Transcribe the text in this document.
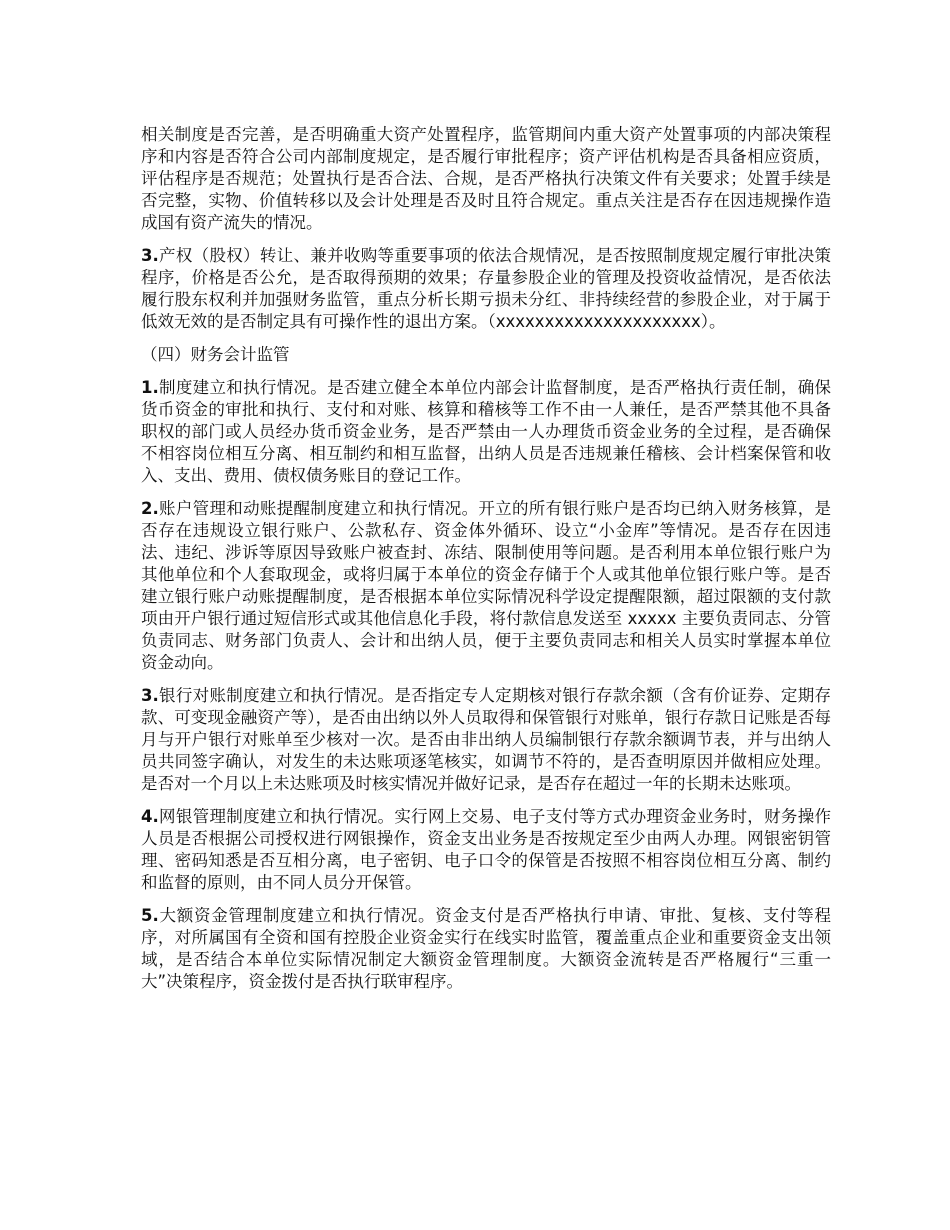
相关制度是否完善，是否明确重大资产处置程序，监管期间内重大资产处置事项的内部决策程序和内容是否符合公司内部制度规定，是否履行审批程序；资产评估机构是否具备相应资质，评估程序是否规范；处置执行是否合法、合规，是否严格执行决策文件有关要求；处置手续是否完整，实物、价值转移以及会计处理是否及时且符合规定。重点关注是否存在因违规操作造成国有资产流失的情况。

3.产权（股权）转让、兼并收购等重要事项的依法合规情况，是否按照制度规定履行审批决策程序，价格是否公允，是否取得预期的效果；存量参股企业的管理及投资收益情况，是否依法履行股东权利并加强财务监管，重点分析长期亏损未分红、非持续经营的参股企业，对于属于低效无效的是否制定具有可操作性的退出方案。（xxxxxxxxxxxxxxxxxxxxx）。

（四）财务会计监管

1.制度建立和执行情况。是否建立健全本单位内部会计监督制度，是否严格执行责任制，确保货币资金的审批和执行、支付和对账、核算和稽核等工作不由一人兼任，是否严禁其他不具备职权的部门或人员经办货币资金业务，是否严禁由一人办理货币资金业务的全过程，是否确保不相容岗位相互分离、相互制约和相互监督，出纳人员是否违规兼任稽核、会计档案保管和收入、支出、费用、债权债务账目的登记工作。

2.账户管理和动账提醒制度建立和执行情况。开立的所有银行账户是否均已纳入财务核算，是否存在违规设立银行账户、公款私存、资金体外循环、设立“小金库”等情况。是否存在因违法、违纪、涉诉等原因导致账户被查封、冻结、限制使用等问题。是否利用本单位银行账户为其他单位和个人套取现金，或将归属于本单位的资金存储于个人或其他单位银行账户等。是否建立银行账户动账提醒制度，是否根据本单位实际情况科学设定提醒限额，超过限额的支付款项由开户银行通过短信形式或其他信息化手段，将付款信息发送至 xxxxx 主要负责同志、分管负责同志、财务部门负责人、会计和出纳人员，便于主要负责同志和相关人员实时掌握本单位资金动向。

3.银行对账制度建立和执行情况。是否指定专人定期核对银行存款余额（含有价证券、定期存款、可变现金融资产等），是否由出纳以外人员取得和保管银行对账单，银行存款日记账是否每月与开户银行对账单至少核对一次。是否由非出纳人员编制银行存款余额调节表，并与出纳人员共同签字确认，对发生的未达账项逐笔核实，如调节不符的，是否查明原因并做相应处理。是否对一个月以上未达账项及时核实情况并做好记录，是否存在超过一年的长期未达账项。

4.网银管理制度建立和执行情况。实行网上交易、电子支付等方式办理资金业务时，财务操作人员是否根据公司授权进行网银操作，资金支出业务是否按规定至少由两人办理。网银密钥管理、密码知悉是否互相分离，电子密钥、电子口令的保管是否按照不相容岗位相互分离、制约和监督的原则，由不同人员分开保管。

5.大额资金管理制度建立和执行情况。资金支付是否严格执行申请、审批、复核、支付等程序，对所属国有全资和国有控股企业资金实行在线实时监管，覆盖重点企业和重要资金支出领域，是否结合本单位实际情况制定大额资金管理制度。大额资金流转是否严格履行“三重一大”决策程序，资金拨付是否执行联审程序。
